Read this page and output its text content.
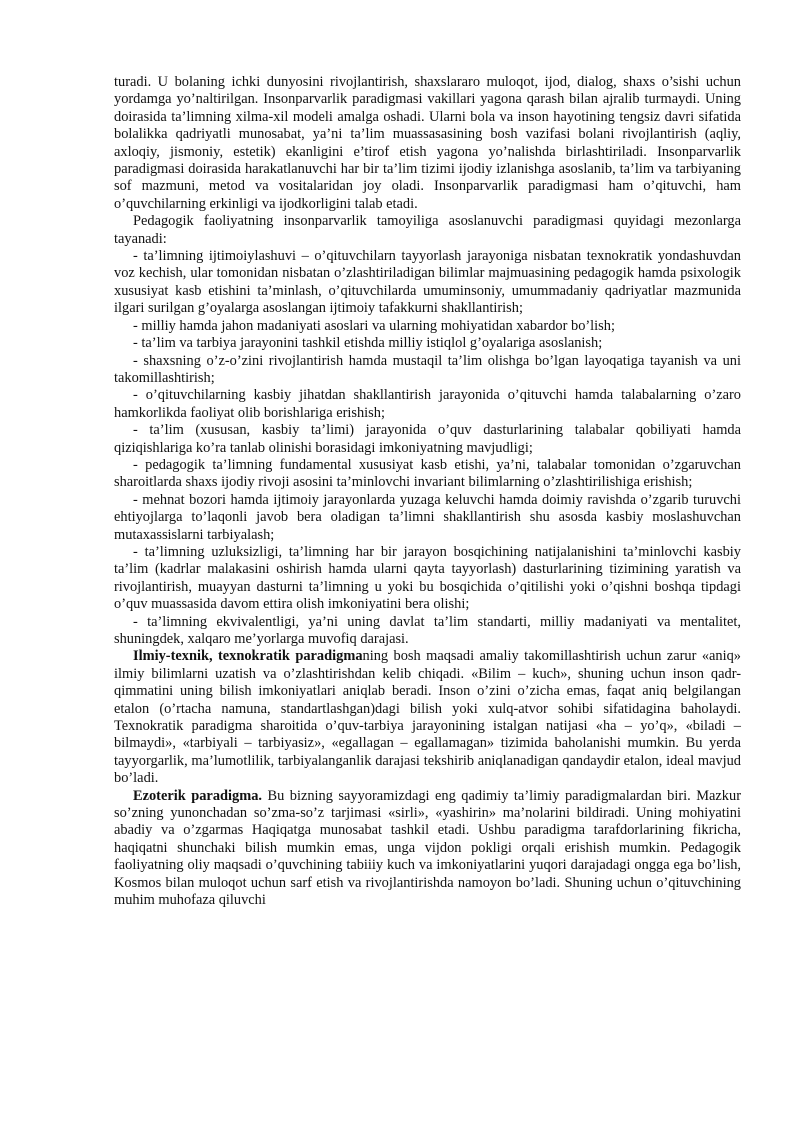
turadi. U bolaning ichki dunyosini rivojlantirish, shaxslararo muloqot, ijod, dialog, shaxs o’sishi uchun yordamga yo’naltirilgan. Insonparvarlik paradigmasi vakillari yagona qarash bilan ajralib turmaydi. Uning doirasida ta’limning xilma-xil modeli amalga oshadi. Ularni bola va inson hayotining tengsiz davri sifatida bolalikka qadriyatli munosabat, ya’ni ta’lim muassasasining bosh vazifasi bolani rivojlantirish (aqliy, axloqiy, jismoniy, estetik) ekanligini e’tirof etish yagona yo’nalishda birlashtiriladi. Insonparvarlik paradigmasi doirasida harakatlanuvchi har bir ta’lim tizimi ijodiy izlanishga asoslanib, ta’lim va tarbiyaning sof mazmuni, metod va vositalaridan joy oladi. Insonparvarlik paradigmasi ham o’qituvchi, ham o’quvchilarning erkinligi va ijodkorligini talab etadi.

Pedagogik faoliyatning insonparvarlik tamoyiliga asoslanuvchi paradigmasi quyidagi mezonlarga tayanadi:

- ta’limning ijtimoiylashuvi – o’qituvchilarn tayyorlash jarayoniga nisbatan texnokratik yondashuvdan voz kechish, ular tomonidan nisbatan o’zlashtiriladigan bilimlar majmuasining pedagogik hamda psixologik xususiyat kasb etishini ta’minlash, o’qituvchilarda umuminsoniy, umummadaniy qadriyatlar mazmunida ilgari surilgan g’oyalarga asoslangan ijtimoiy tafakkurni shakllantirish;

- milliy hamda jahon madaniyati asoslari va ularning mohiyatidan xabardor bo’lish;

- ta’lim va tarbiya jarayonini tashkil etishda milliy istiqlol g’oyalariga asoslanish;

- shaxsning o’z-o’zini rivojlantirish hamda mustaqil ta’lim olishga bo’lgan layoqatiga tayanish va uni takomillashtirish;

- o’qituvchilarning kasbiy jihatdan shakllantirish jarayonida o’qituvchi hamda talabalarning o’zaro hamkorlikda faoliyat olib borishlariga erishish;

- ta’lim (xususan, kasbiy ta’limi) jarayonida o’quv dasturlarining talabalar qobiliyati hamda qiziqishlariga ko’ra tanlab olinishi borasidagi imkoniyatning mavjudligi;

- pedagogik ta’limning fundamental xususiyat kasb etishi, ya’ni, talabalar tomonidan o’zgaruvchan sharoitlarda shaxs ijodiy rivoji asosini ta’minlovchi invariant bilimlarning o’zlashtirilishiga erishish;

- mehnat bozori hamda ijtimoiy jarayonlarda yuzaga keluvchi hamda doimiy ravishda o’zgarib turuvchi ehtiyojlarga to’laqonli javob bera oladigan ta’limni shakllantirish shu asosda kasbiy moslashuvchan mutaxassislarni tarbiyalash;

- ta’limning uzluksizligi, ta’limning har bir jarayon bosqichining natijalanishini ta’minlovchi kasbiy ta’lim (kadrlar malakasini oshirish hamda ularni qayta tayyorlash) dasturlarining tizimining yaratish va rivojlantirish, muayyan dasturni ta’limning u yoki bu bosqichida o’qitilishi yoki o’qishni boshqa tipdagi o’quv muassasida davom ettira olish imkoniyatini bera olishi;

- ta’limning ekvivalentligi, ya’ni uning davlat ta’lim standarti, milliy madaniyati va mentalitet, shuningdek, xalqaro me’yorlarga muvofiq darajasi.

Ilmiy-texnik, texnokratik paradigmaning bosh maqsadi amaliy takomillashtirish uchun zarur «aniq» ilmiy bilimlarni uzatish va o’zlashtirishdan kelib chiqadi. «Bilim – kuch», shuning uchun inson qadr-qimmatini uning bilish imkoniyatlari aniqlab beradi. Inson o’zini o’zicha emas, faqat aniq belgilangan etalon (o’rtacha namuna, standartlashgan)dagi bilish yoki xulq-atvor sohibi sifatidagina baholaydi. Texnokratik paradigma sharoitida o’quv-tarbiya jarayonining istalgan natijasi «ha – yo’q», «biladi – bilmaydi», «tarbiyali – tarbiyasiz», «egallagan – egallamagan» tizimida baholanishi mumkin. Bu yerda tayyorgarlik, ma’lumotlilik, tarbiyalanganlik darajasi tekshirib aniqlanadigan qandaydir etalon, ideal mavjud bo’ladi.

Ezoterik paradigma. Bu bizning sayyoramizdagi eng qadimiy ta’limiy paradigmalardan biri. Mazkur so’zning yunonchadan so’zma-so’z tarjimasi «sirli», «yashirin» ma’nolarini bildiradi. Uning mohiyatini abadiy va o’zgarmas Haqiqatga munosabat tashkil etadi. Ushbu paradigma tarafdorlarining fikricha, haqiqatni shunchaki bilish mumkin emas, unga vijdon pokligi orqali erishish mumkin. Pedagogik faoliyatning oliy maqsadi o’quvchining tabiiiy kuch va imkoniyatlarini yuqori darajadagi ongga ega bo’lish, Kosmos bilan muloqot uchun sarf etish va rivojlantirishda namoyon bo’ladi. Shuning uchun o’qituvchining muhim muhofaza qiluvchi
